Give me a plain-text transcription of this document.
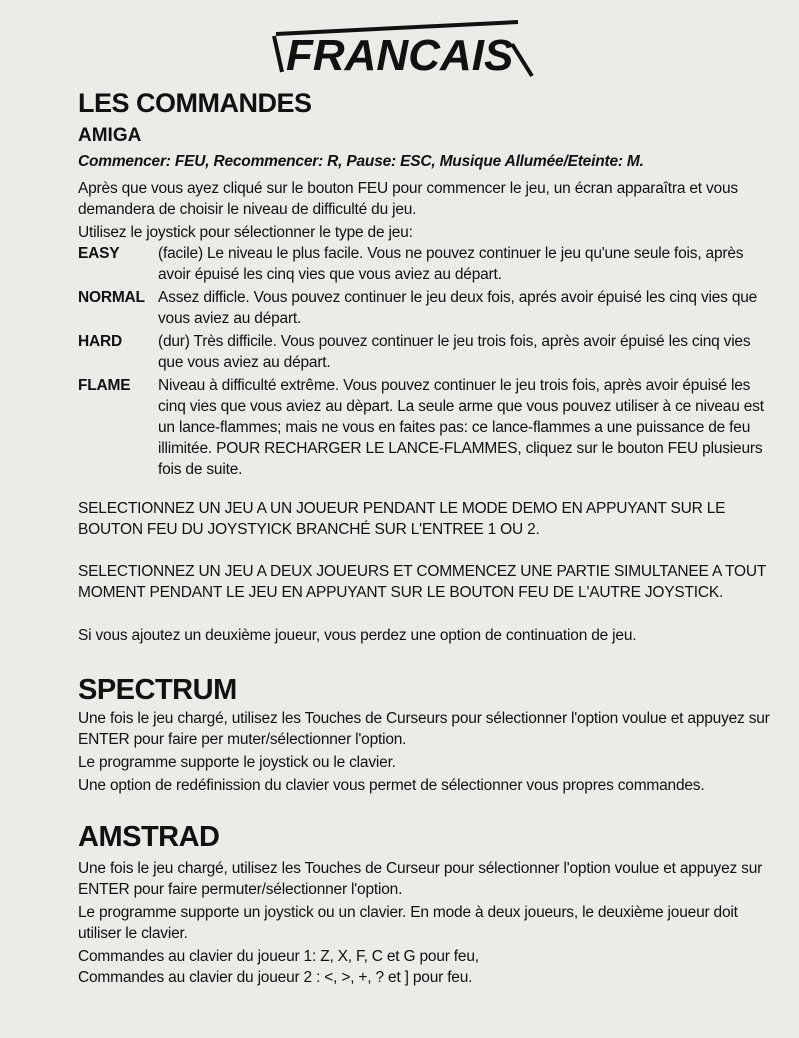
FRANCAIS
LES COMMANDES
AMIGA

Commencer: FEU, Recommencer: R, Pause: ESC, Musique Allumée/Eteinte: M.

Après que vous ayez cliqué sur le bouton FEU pour commencer le jeu, un écran apparaîtra et vous demandera de choisir le niveau de difficulté du jeu.

Utilisez le joystick pour sélectionner le type de jeu:

EASY (facile) Le niveau le plus facile. Vous ne pouvez continuer le jeu qu'une seule fois, après avoir épuisé les cinq vies que vous aviez au départ.
NORMAL Assez difficle. Vous pouvez continuer le jeu deux fois, aprés avoir épuisé les cinq vies que vous aviez au départ.
HARD (dur) Très difficile. Vous pouvez continuer le jeu trois fois, après avoir épuisé les cinq vies que vous aviez au départ.
FLAME Niveau à difficulté extrême. Vous pouvez continuer le jeu trois fois, après avoir épuisé les cinq vies que vous aviez au dèpart. La seule arme que vous pouvez utiliser à ce niveau est un lance-flammes; mais ne vous en faites pas: ce lance-flammes a une puissance de feu illimitée. POUR RECHARGER LE LANCE-FLAMMES, cliquez sur le bouton FEU plusieurs fois de suite.

SELECTIONNEZ UN JEU A UN JOUEUR PENDANT LE MODE DEMO EN APPUYANT SUR LE BOUTON FEU DU JOYSTYICK BRANCHÉ SUR L'ENTREE 1 OU 2.

SELECTIONNEZ UN JEU A DEUX JOUEURS ET COMMENCEZ UNE PARTIE SIMULTANEE A TOUT MOMENT PENDANT LE JEU EN APPUYANT SUR LE BOUTON FEU DE L'AUTRE JOYSTICK.

Si vous ajoutez un deuxième joueur, vous perdez une option de continuation de jeu.

SPECTRUM

Une fois le jeu chargé, utilisez les Touches de Curseurs pour sélectionner l'option voulue et appuyez sur ENTER pour faire per muter/sélectionner l'option.

Le programme supporte le joystick ou le clavier.

Une option de redéfinission du clavier vous permet de sélectionner vous propres commandes.

AMSTRAD

Une fois le jeu chargé, utilisez les Touches de Curseur pour sélectionner l'option voulue et appuyez sur ENTER pour faire permuter/sélectionner l'option.

Le programme supporte un joystick ou un clavier. En mode à deux joueurs, le deuxième joueur doit utiliser le clavier.

Commandes au clavier du joueur 1: Z, X, F, C et G pour feu,

Commandes au clavier du joueur 2 : <, >, +, ? et ] pour feu.
